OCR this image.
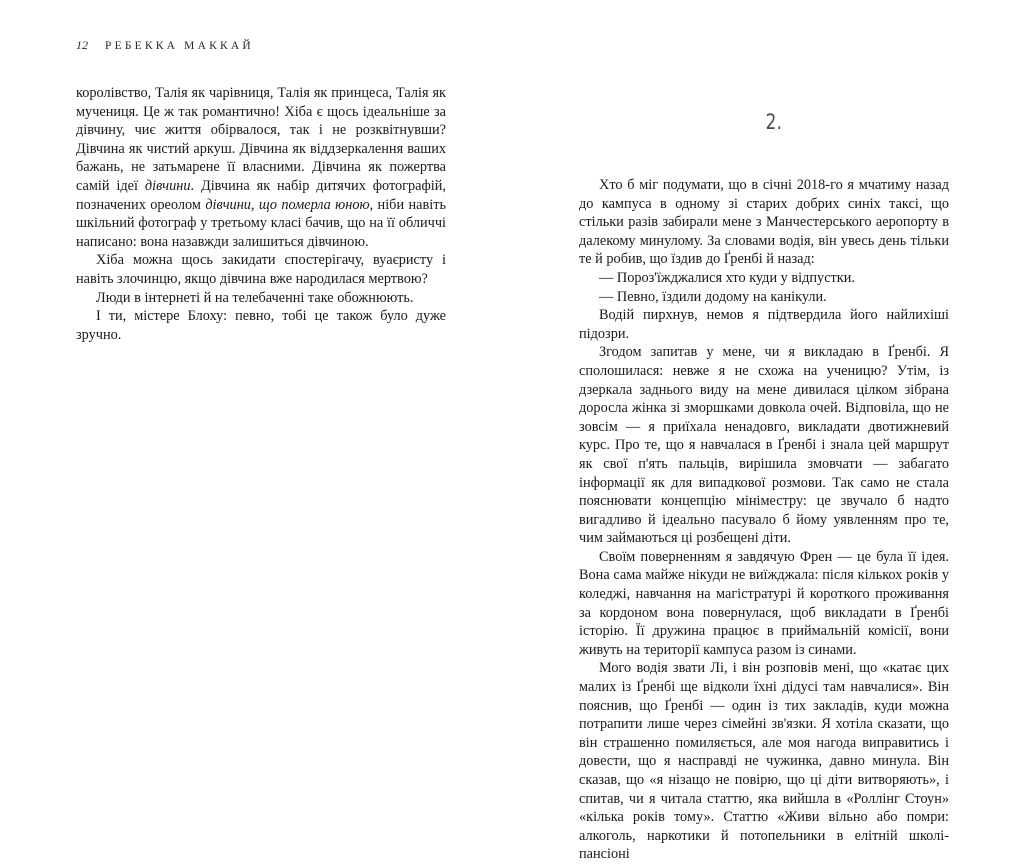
12 РЕБЕККА МАККАЙ

королівство, Талія як чарівниця, Талія як принцеса, Талія як мучениця. Це ж так романтично! Хіба є щось ідеальніше за дівчину, чиє життя обірвалося, так і не розквітнувши? Дівчина як чистий аркуш. Дівчина як віддзеркалення ваших бажань, не затьмарене її власними. Дівчина як пожертва самій ідеї дівчини. Дівчина як набір дитячих фотографій, позначених ореолом дівчини, що померла юною, ніби навіть шкільний фотограф у третьому класі бачив, що на її обличчі написано: вона назавжди залишиться дівчиною.

Хіба можна щось закидати спостерігачу, вуаєристу і навіть злочинцю, якщо дівчина вже народилася мертвою?

Люди в інтернеті й на телебаченні таке обожнюють.

І ти, містере Блоху: певно, тобі це також було дуже зручно.

2.

Хто б міг подумати, що в січні 2018-го я мчатиму назад до кампуса в одному зі старих добрих синіх таксі, що стільки разів забирали мене з Манчестерського аеропорту в далекому минулому. За словами водія, він увесь день тільки те й робив, що їздив до Ґренбі й назад:

— Пороз'їжджалися хто куди у відпустки.

— Певно, їздили додому на канікули.

Водій пирхнув, немов я підтвердила його найлихіші підозри.

Згодом запитав у мене, чи я викладаю в Ґренбі. Я сполошилася: невже я не схожа на ученицю? Утім, із дзеркала заднього виду на мене дивилася цілком зібрана доросла жінка зі зморшками довкола очей. Відповіла, що не зовсім — я приїхала ненадовго, викладати двотижневий курс. Про те, що я навчалася в Ґренбі і знала цей маршрут як свої п'ять пальців, вирішила змовчати — забагато інформації як для випадкової розмови. Так само не стала пояснювати концепцію мініместру: це звучало б надто вигадливо й ідеально пасувало б йому уявленням про те, чим займаються ці розбещені діти.

Своїм поверненням я завдячую Френ — це була її ідея. Вона сама майже нікуди не виїжджала: після кількох років у коледжі, навчання на магістратурі й короткого проживання за кордоном вона повернулася, щоб викладати в Ґренбі історію. Її дружина працює в приймальній комісії, вони живуть на території кампуса разом із синами.

Мого водія звати Лі, і він розповів мені, що «катає цих малих із Ґренбі ще відколи їхні дідусі там навчалися». Він пояснив, що Ґренбі — один із тих закладів, куди можна потрапити лише через сімейні зв'язки. Я хотіла сказати, що він страшенно помиляється, але моя нагода виправитись і довести, що я насправді не чужинка, давно минула. Він сказав, що «я нізащо не повірю, що ці діти витворяють», і спитав, чи я читала статтю, яка вийшла в «Роллінг Стоун» «кілька років тому». Статтю «Живи вільно або помри: алкоголь, наркотики й потопельники в елітній школі-пансіоні
